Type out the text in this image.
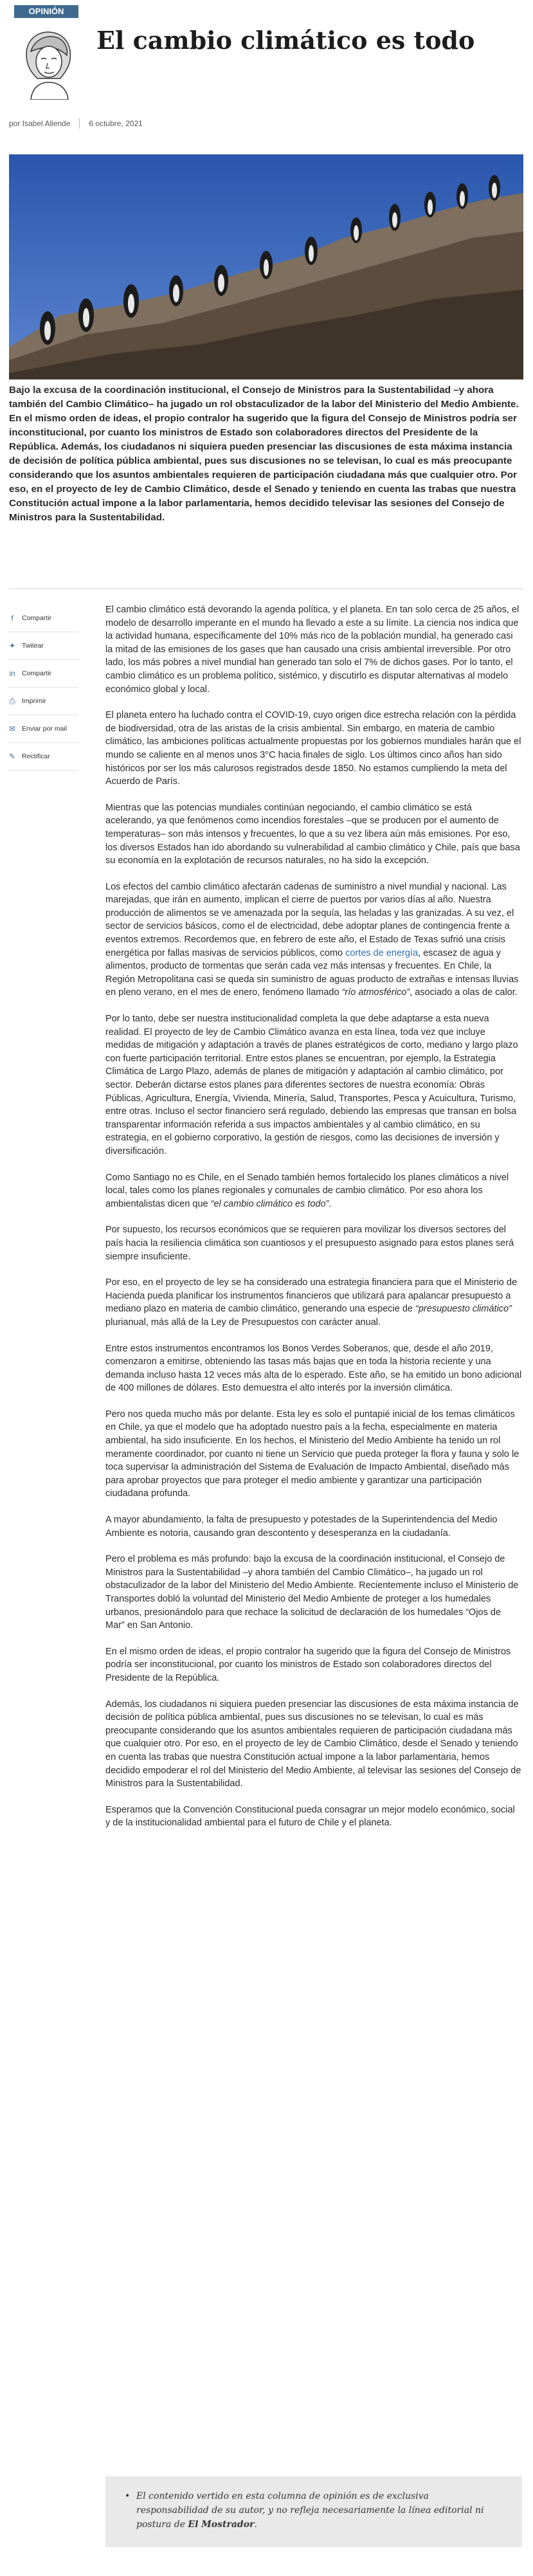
OPINIÓN
El cambio climático es todo
por Isabel Allende 6 octubre, 2021

Bajo la excusa de la coordinación institucional, el Consejo de Ministros para la Sustentabilidad –y ahora también del Cambio Climático– ha jugado un rol obstaculizador de la labor del Ministerio del Medio Ambiente. En el mismo orden de ideas, el propio contralor ha sugerido que la figura del Consejo de Ministros podría ser inconstitucional, por cuanto los ministros de Estado son colaboradores directos del Presidente de la República. Además, los ciudadanos ni siquiera pueden presenciar las discusiones de esta máxima instancia de decisión de política pública ambiental, pues sus discusiones no se televisan, lo cual es más preocupante considerando que los asuntos ambientales requieren de participación ciudadana más que cualquier otro. Por eso, en el proyecto de ley de Cambio Climático, desde el Senado y teniendo en cuenta las trabas que nuestra Constitución actual impone a la labor parlamentaria, hemos decidido televisar las sesiones del Consejo de Ministros para la Sustentabilidad.

f	Compartir
✦ Twitear
in Compartir
⎙ Imprimir
✉ Enviar por mail
✎ Rectificar

El cambio climático está devorando la agenda política, y el planeta. En tan solo cerca de 25 años, el modelo de desarrollo imperante en el mundo ha llevado a este a su límite. La ciencia nos indica que la actividad humana, específicamente del 10% más rico de la población mundial, ha generado casi la mitad de las emisiones de los gases que han causado una crisis ambiental irreversible. Por otro lado, los más pobres a nivel mundial han generado tan solo el 7% de dichos gases. Por lo tanto, el cambio climático es un problema político, sistémico, y discutirlo es disputar alternativas al modelo económico global y local.

El planeta entero ha luchado contra el COVID-19, cuyo origen dice estrecha relación con la pérdida de biodiversidad, otra de las aristas de la crisis ambiental. Sin embargo, en materia de cambio climático, las ambiciones políticas actualmente propuestas por los gobiernos mundiales harán que el mundo se caliente en al menos unos 3°C hacia finales de siglo. Los últimos cinco años han sido históricos por ser los más calurosos registrados desde 1850. No estamos cumpliendo la meta del Acuerdo de París.

Mientras que las potencias mundiales continúan negociando, el cambio climático se está acelerando, ya que fenómenos como incendios forestales –que se producen por el aumento de temperaturas– son más intensos y frecuentes, lo que a su vez libera aún más emisiones. Por eso, los diversos Estados han ido abordando su vulnerabilidad al cambio climático y Chile, país que basa su economía en la explotación de recursos naturales, no ha sido la excepción.

Los efectos del cambio climático afectarán cadenas de suministro a nivel mundial y nacional. Las marejadas, que irán en aumento, implican el cierre de puertos por varios días al año. Nuestra producción de alimentos se ve amenazada por la sequía, las heladas y las granizadas. A su vez, el sector de servicios básicos, como el de electricidad, debe adoptar planes de contingencia frente a eventos extremos. Recordemos que, en febrero de este año, el Estado de Texas sufrió una crisis energética por fallas masivas de servicios públicos, como cortes de energía, escasez de agua y alimentos, producto de tormentas que serán cada vez más intensas y frecuentes. En Chile, la Región Metropolitana casi se queda sin suministro de aguas producto de extrañas e intensas lluvias en pleno verano, en el mes de enero, fenómeno llamado “río atmosférico”, asociado a olas de calor.

Por lo tanto, debe ser nuestra institucionalidad completa la que debe adaptarse a esta nueva realidad. El proyecto de ley de Cambio Climático avanza en esta línea, toda vez que incluye medidas de mitigación y adaptación a través de planes estratégicos de corto, mediano y largo plazo con fuerte participación territorial. Entre estos planes se encuentran, por ejemplo, la Estrategia Climática de Largo Plazo, además de planes de mitigación y adaptación al cambio climático, por sector. Deberán dictarse estos planes para diferentes sectores de nuestra economía: Obras Públicas, Agricultura, Energía, Vivienda, Minería, Salud, Transportes, Pesca y Acuicultura, Turismo, entre otras. Incluso el sector financiero será regulado, debiendo las empresas que transan en bolsa transparentar información referida a sus impactos ambientales y al cambio climático, en su estrategia, en el gobierno corporativo, la gestión de riesgos, como las decisiones de inversión y diversificación.

Como Santiago no es Chile, en el Senado también hemos fortalecido los planes climáticos a nivel local, tales como los planes regionales y comunales de cambio climático. Por eso ahora los ambientalistas dicen que “el cambio climático es todo”.

Por supuesto, los recursos económicos que se requieren para movilizar los diversos sectores del país hacia la resiliencia climática son cuantiosos y el presupuesto asignado para estos planes será siempre insuficiente.

Por eso, en el proyecto de ley se ha considerado una estrategia financiera para que el Ministerio de Hacienda pueda planificar los instrumentos financieros que utilizará para apalancar presupuesto a mediano plazo en materia de cambio climático, generando una especie de “presupuesto climático” plurianual, más allá de la Ley de Presupuestos con carácter anual.

Entre estos instrumentos encontramos los Bonos Verdes Soberanos, que, desde el año 2019, comenzaron a emitirse, obteniendo las tasas más bajas que en toda la historia reciente y una demanda incluso hasta 12 veces más alta de lo esperado. Este año, se ha emitido un bono adicional de 400 millones de dólares. Esto demuestra el alto interés por la inversión climática.

Pero nos queda mucho más por delante. Esta ley es solo el puntapié inicial de los temas climáticos en Chile, ya que el modelo que ha adoptado nuestro país a la fecha, especialmente en materia ambiental, ha sido insuficiente. En los hechos, el Ministerio del Medio Ambiente ha tenido un rol meramente coordinador, por cuanto ni tiene un Servicio que pueda proteger la flora y fauna y solo le toca supervisar la administración del Sistema de Evaluación de Impacto Ambiental, diseñado más para aprobar proyectos que para proteger el medio ambiente y garantizar una participación ciudadana profunda.

A mayor abundamiento, la falta de presupuesto y potestades de la Superintendencia del Medio Ambiente es notoria, causando gran descontento y desesperanza en la ciudadanía.

Pero el problema es más profundo: bajo la excusa de la coordinación institucional, el Consejo de Ministros para la Sustentabilidad –y ahora también del Cambio Climático–, ha jugado un rol obstaculizador de la labor del Ministerio del Medio Ambiente. Recientemente incluso el Ministerio de Transportes dobló la voluntad del Ministerio del Medio Ambiente de proteger a los humedales urbanos, presionándolo para que rechace la solicitud de declaración de los humedales “Ojos de Mar” en San Antonio.

En el mismo orden de ideas, el propio contralor ha sugerido que la figura del Consejo de Ministros podría ser inconstitucional, por cuanto los ministros de Estado son colaboradores directos del Presidente de la República.

Además, los ciudadanos ni siquiera pueden presenciar las discusiones de esta máxima instancia de decisión de política pública ambiental, pues sus discusiones no se televisan, lo cual es más preocupante considerando que los asuntos ambientales requieren de participación ciudadana más que cualquier otro. Por eso, en el proyecto de ley de Cambio Climático, desde el Senado y teniendo en cuenta las trabas que nuestra Constitución actual impone a la labor parlamentaria, hemos decidido empoderar el rol del Ministerio del Medio Ambiente, al televisar las sesiones del Consejo de Ministros para la Sustentabilidad.

Esperamos que la Convención Constitucional pueda consagrar un mejor modelo económico, social y de la institucionalidad ambiental para el futuro de Chile y el planeta.

• El contenido vertido en esta columna de opinión es de exclusiva responsabilidad de su autor, y no refleja necesariamente la línea editorial ni postura de El Mostrador.
